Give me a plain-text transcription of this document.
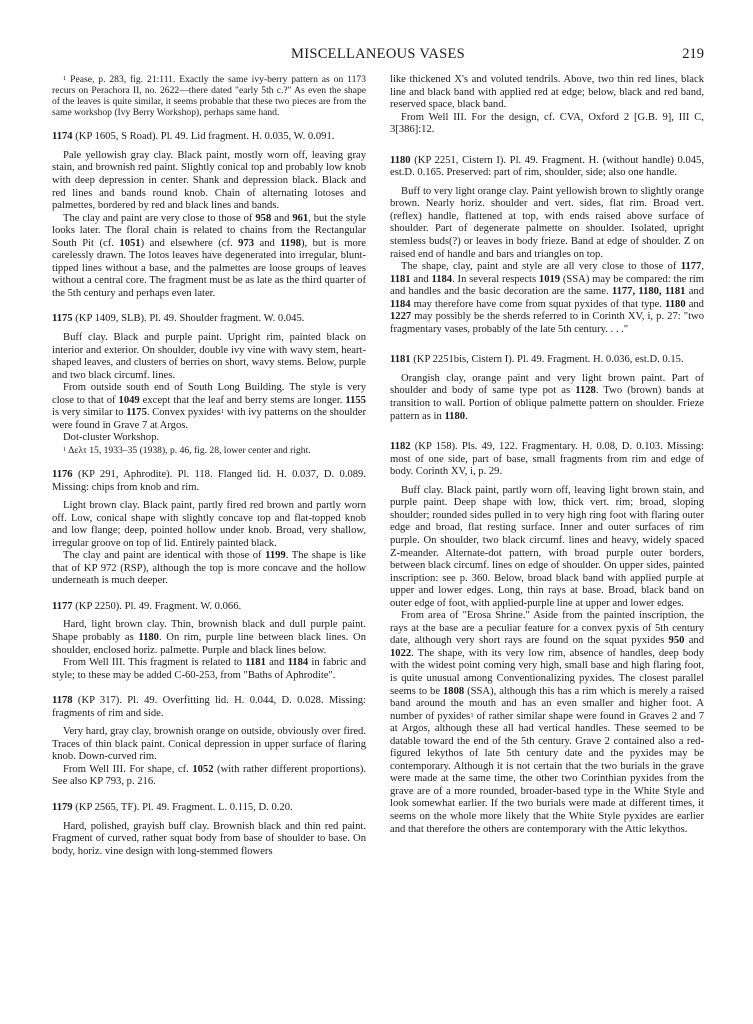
MISCELLANEOUS VASES	219

$^1$ Pease, p. 283, fig. 21:111. Exactly the same ivy-berry pattern as on 1173 recurs on Perachora II, no. 2622—there dated "early 5th c.?" As even the shape of the leaves is quite similar, it seems probable that these two pieces are from the same workshop (Ivy Berry Workshop), perhaps same hand.

1174 (KP 1605, S Road). Pl. 49. Lid fragment. H. 0.035, W. 0.091.

Pale yellowish gray clay. Black paint, mostly worn off, leaving gray stain, and brownish red paint. Slightly conical top and probably low knob with deep depression in center. Shank and depression black. Black and red lines and bands round knob. Chain of alternating lotoses and palmettes, bordered by red and black lines and bands.

The clay and paint are very close to those of 958 and 961, but the style looks later. The floral chain is related to chains from the Rectangular South Pit (cf. 1051) and elsewhere (cf. 973 and 1198), but is more carelessly drawn. The lotos leaves have degenerated into irregular, blunt-tipped lines without a base, and the palmettes are loose groups of leaves without a central core. The fragment must be as late as the third quarter of the 5th century and perhaps even later.

1175 (KP 1409, SLB). Pl. 49. Shoulder fragment. W. 0.045.

Buff clay. Black and purple paint. Upright rim, painted black on interior and exterior. On shoulder, double ivy vine with wavy stem, heart-shaped leaves, and clusters of berries on short, wavy stems. Below, purple and two black circumf. lines.

From outside south end of South Long Building. The style is very close to that of 1049 except that the leaf and berry stems are longer. 1155 is very similar to 1175. Convex pyxides$^1$ with ivy patterns on the shoulder were found in Grave 7 at Argos.

Dot-cluster Workshop.

$^1$ Δελτ 15, 1933–35 (1938), p. 46, fig. 28, lower center and right.

1176 (KP 291, Aphrodite). Pl. 118. Flanged lid. H. 0.037, D. 0.089. Missing: chips from knob and rim.

Light brown clay. Black paint, partly fired red brown and partly worn off. Low, conical shape with slightly concave top and flat-topped knob and low flange; deep, pointed hollow under knob. Broad, very shallow, irregular groove on top of lid. Entirely painted black.

The clay and paint are identical with those of 1199. The shape is like that of KP 972 (RSP), although the top is more concave and the hollow underneath is much deeper.

1177 (KP 2250). Pl. 49. Fragment. W. 0.066.

Hard, light brown clay. Thin, brownish black and dull purple paint. Shape probably as 1180. On rim, purple line between black lines. On shoulder, enclosed horiz. palmette. Purple and black lines below.

From Well III. This fragment is related to 1181 and 1184 in fabric and style; to these may be added C-60-253, from "Baths of Aphrodite".

1178 (KP 317). Pl. 49. Overfitting lid. H. 0.044, D. 0.028. Missing: fragments of rim and side.

Very hard, gray clay, brownish orange on outside, obviously over fired. Traces of thin black paint. Conical depression in upper surface of flaring knob. Down-curved rim.

From Well III. For shape, cf. 1052 (with rather different proportions). See also KP 793, p. 216.

1179 (KP 2565, TF). Pl. 49. Fragment. L. 0.115, D. 0.20.

Hard, polished, grayish buff clay. Brownish black and thin red paint. Fragment of curved, rather squat body from base of shoulder to base. On body, horiz. vine design with long-stemmed flowers

like thickened X's and voluted tendrils. Above, two thin red lines, black line and black band with applied red at edge; below, black and red band, reserved space, black band.

From Well III. For the design, cf. CVA, Oxford 2 [G.B. 9], III C, 3[386]:12.

1180 (KP 2251, Cistern I). Pl. 49. Fragment. H. (without handle) 0.045, est.D. 0.165. Preserved: part of rim, shoulder, side; also one handle.

Buff to very light orange clay. Paint yellowish brown to slightly orange brown. Nearly horiz. shoulder and vert. sides, flat rim. Broad vert. (reflex) handle, flattened at top, with ends raised above surface of shoulder. Part of degenerate palmette on shoulder. Isolated, upright stemless buds(?) or leaves in body frieze. Band at edge of shoulder. Z on raised end of handle and bars and triangles on top.

The shape, clay, paint and style are all very close to those of 1177, 1181 and 1184. In several respects 1019 (SSA) may be compared: the rim and handles and the basic decoration are the same. 1177, 1180, 1181 and 1184 may therefore have come from squat pyxides of that type. 1180 and 1227 may possibly be the sherds referred to in Corinth XV, i, p. 27: "two fragmentary vases, probably of the late 5th century. . . ."

1181 (KP 2251bis, Cistern I). Pl. 49. Fragment. H. 0.036, est.D. 0.15.

Orangish clay, orange paint and very light brown paint. Part of shoulder and body of same type pot as 1128. Two (brown) bands at transition to wall. Portion of oblique palmette pattern on shoulder. Frieze pattern as in 1180.

1182 (KP 158). Pls. 49, 122. Fragmentary. H. 0.08, D. 0.103. Missing: most of one side, part of base, small fragments from rim and edge of body. Corinth XV, i, p. 29.

Buff clay. Black paint, partly worn off, leaving light brown stain, and purple paint. Deep shape with low, thick vert. rim; broad, sloping shoulder; rounded sides pulled in to very high ring foot with flaring outer edge and broad, flat resting surface. Inner and outer surfaces of rim purple. On shoulder, two black circumf. lines and heavy, widely spaced Z-meander. Alternate-dot pattern, with broad purple outer borders, between black circumf. lines on edge of shoulder. On upper sides, painted inscription: see p. 360. Below, broad black band with applied purple at upper and lower edges. Long, thin rays at base. Broad, black band on outer edge of foot, with applied-purple line at upper and lower edges.

From area of "Erosa Shrine." Aside from the painted inscription, the rays at the base are a peculiar feature for a convex pyxis of 5th century date, although very short rays are found on the squat pyxides 950 and 1022. The shape, with its very low rim, absence of handles, deep body with the widest point coming very high, small base and high flaring foot, is quite unusual among Conventionalizing pyxides. The closest parallel seems to be 1808 (SSA), although this has a rim which is merely a raised band around the mouth and has an even smaller and higher foot. A number of pyxides$^1$ of rather similar shape were found in Graves 2 and 7 at Argos, although these all had vertical handles. These seemed to be datable toward the end of the 5th century. Grave 2 contained also a red-figured lekythos of late 5th century date and the pyxides may be contemporary. Although it is not certain that the two burials in the grave were made at the same time, the other two Corinthian pyxides from the grave are of a more rounded, broader-based type in the White Style and look somewhat earlier. If the two burials were made at different times, it seems on the whole more likely that the White Style pyxides are earlier and that therefore the others are contemporary with the Attic lekythos.
